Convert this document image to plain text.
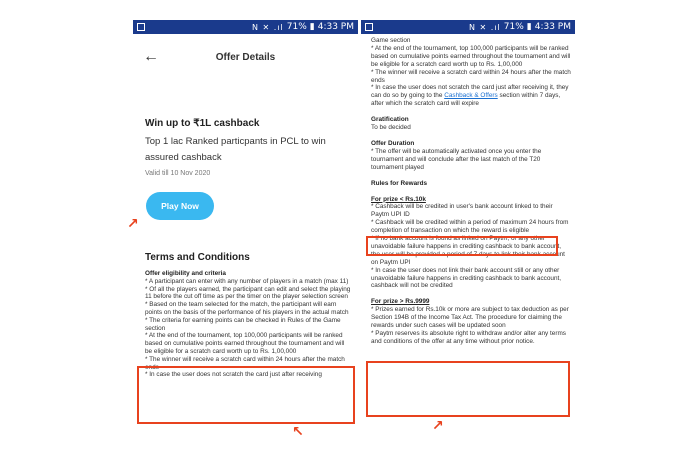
N ✕ .ıl 71% ▮ 4:33 PM
←	Offer Details
Win up to ₹1L cashback
Top 1 lac Ranked particpants in PCL to win assured cashback
Valid till 10 Nov 2020
Play Now
Terms and Conditions

Offer eligibility and criteria

* A participant can enter with any number of players in a match (max 11)

* Of all the players earned, the participant can edit and select the playing 11 before the cut off time as per the timer on the player selection screen

* Based on the team selected for the match, the participant will earn points on the basis of the performance of his players in the actual match

* The criteria for earning points can be checked in Rules of the Game section

* At the end of the tournament, top 100,000 participants will be ranked based on cumulative points earned throughout the tournament and will be eligible for a scratch card worth up to Rs. 1,00,000

* The winner will receive a scratch card within 24 hours after the match ends

* In case the user does not scratch the card just after receiving

N ✕ .ıl 71% ▮ 4:33 PM

Game section

* At the end of the tournament, top 100,000 participants will be ranked based on cumulative points earned throughout the tournament and will be eligible for a scratch card worth up to Rs. 1,00,000

* The winner will receive a scratch card within 24 hours after the match ends

* In case the user does not scratch the card just after receiving it, they can do so by going to the Cashback & Offers section within 7 days, after which the scratch card will expire

Gratification

To be decided

Offer Duration

* The offer will be automatically activated once you enter the tournament and will conclude after the last match of the T20 tournament played

Rules for Rewards

For prize < Rs.10k

* Cashback will be credited in user's bank account linked to their Paytm UPI ID

* Cashback will be credited within a period of maximum 24 hours from completion of transaction on which the reward is eligible

* If no bank account is found as linked on Paytm, or any other unavoidable failure happens in crediting cashback to bank account, the user will be provided a period of 7 days to link their bank account on Paytm UPI

* In case the user does not link their bank account still or any other unavoidable failure happens in crediting cashback to bank account, cashback will not be credited

For prize > Rs.9999

* Prizes earned for Rs.10k or more are subject to tax deduction as per Section 194B of the Income Tax Act. The procedure for claiming the rewards under such cases will be updated soon

* Paytm reserves its absolute right to withdraw and/or alter any terms and conditions of the offer at any time without prior notice.

↗
↖	↗
